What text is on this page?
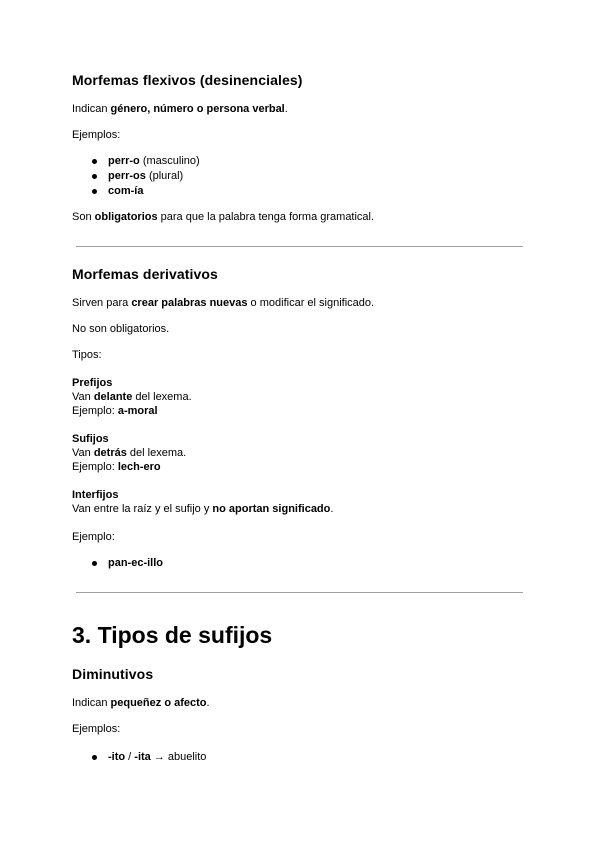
Morfemas flexivos (desinenciales)
Indican género, número o persona verbal.
Ejemplos:
perr-o (masculino)
perr-os (plural)
com-ía
Son obligatorios para que la palabra tenga forma gramatical.
Morfemas derivativos
Sirven para crear palabras nuevas o modificar el significado.
No son obligatorios.
Tipos:
Prefijos
Van delante del lexema.
Ejemplo: a-moral
Sufijos
Van detrás del lexema.
Ejemplo: lech-ero
Interfijos
Van entre la raíz y el sufijo y no aportan significado.
Ejemplo:
pan-ec-illo
3. Tipos de sufijos
Diminutivos
Indican pequeñez o afecto.
Ejemplos:
-ito / -ita → abuelito
